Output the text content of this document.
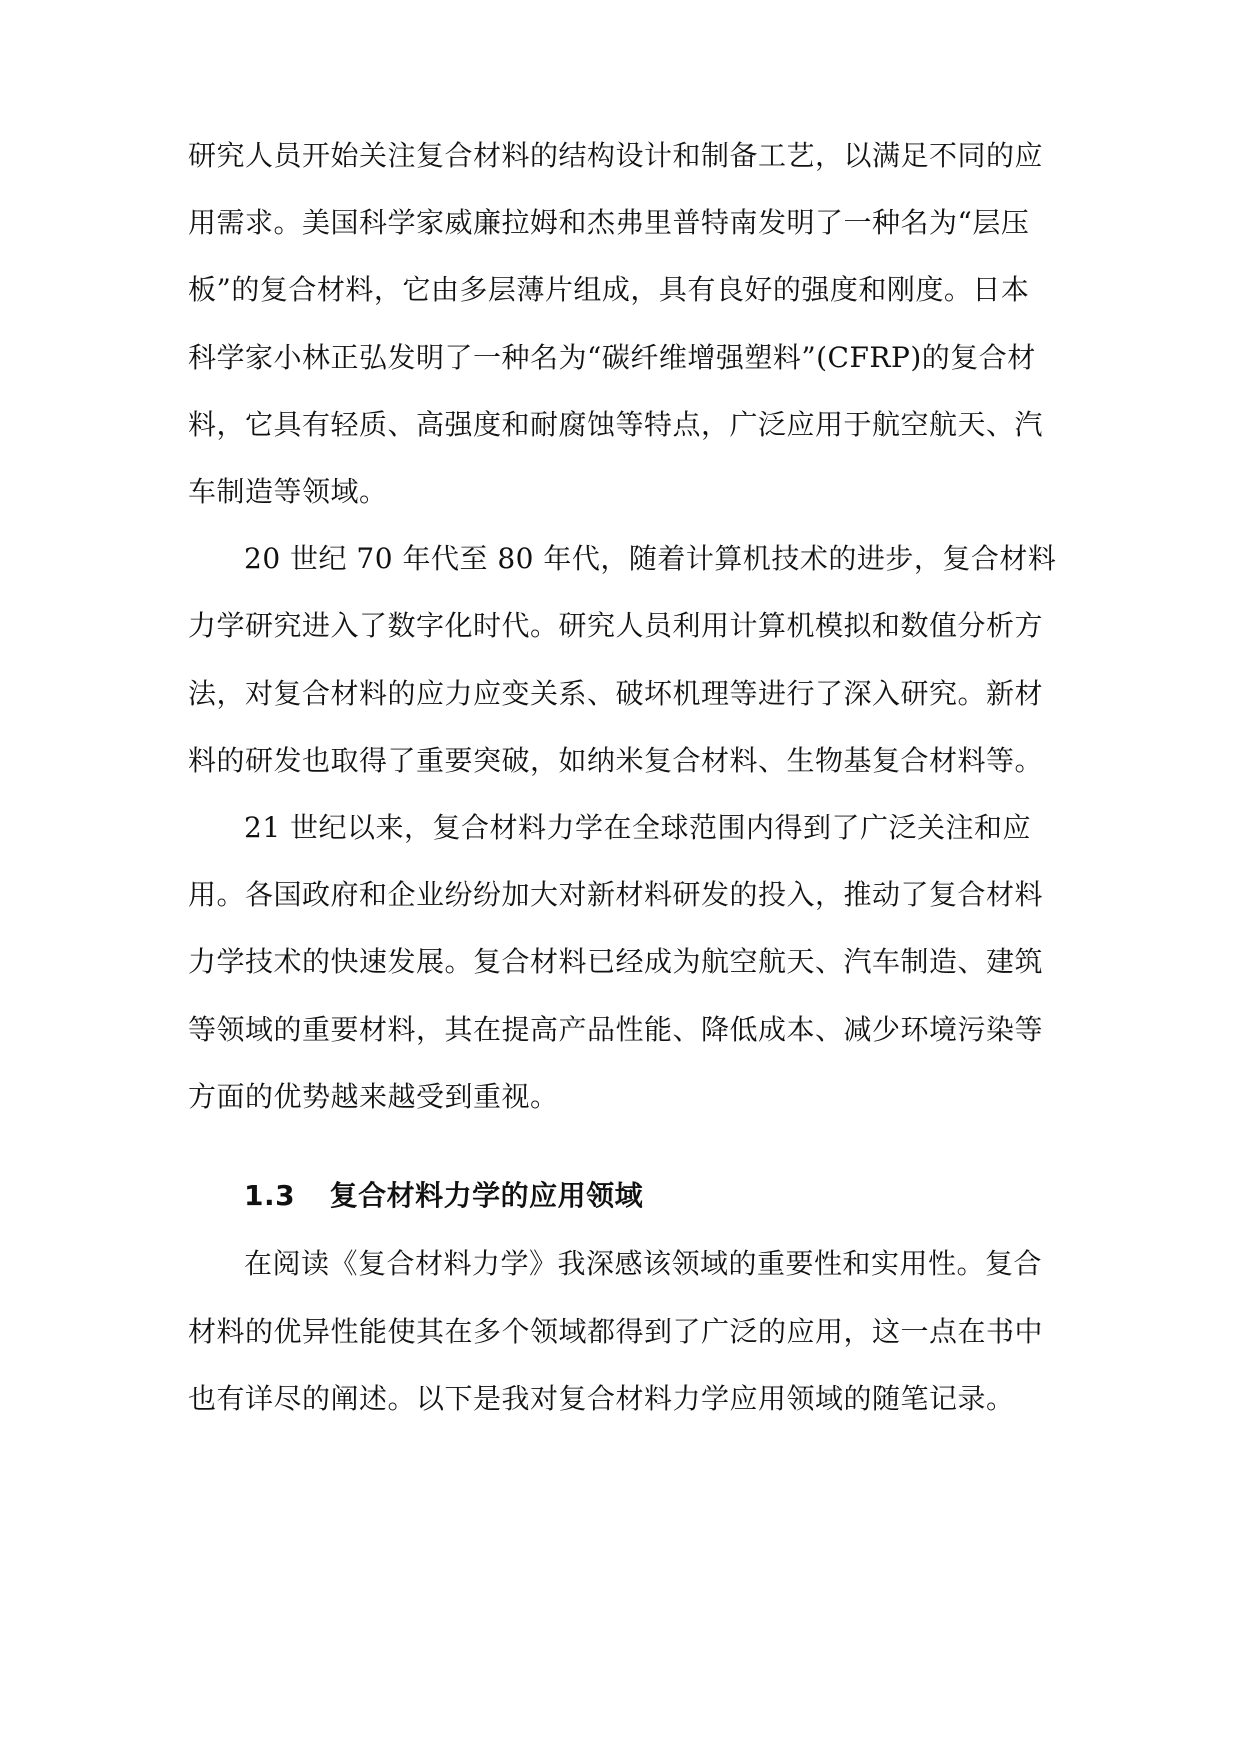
研究人员开始关注复合材料的结构设计和制备工艺，以满足不同的应
用需求。美国科学家威廉拉姆和杰弗里普特南发明了一种名为“层压
板”的复合材料，它由多层薄片组成，具有良好的强度和刚度。日本
科学家小林正弘发明了一种名为“碳纤维增强塑料”(CFRP)的复合材
料，它具有轻质、高强度和耐腐蚀等特点，广泛应用于航空航天、汽
车制造等领域。
20 世纪 70 年代至 80 年代，随着计算机技术的进步，复合材料
力学研究进入了数字化时代。研究人员利用计算机模拟和数值分析方
法，对复合材料的应力应变关系、破坏机理等进行了深入研究。新材
料的研发也取得了重要突破，如纳米复合材料、生物基复合材料等。
21 世纪以来，复合材料力学在全球范围内得到了广泛关注和应
用。各国政府和企业纷纷加大对新材料研发的投入，推动了复合材料
力学技术的快速发展。复合材料已经成为航空航天、汽车制造、建筑
等领域的重要材料，其在提高产品性能、降低成本、减少环境污染等
方面的优势越来越受到重视。
1.3 复合材料力学的应用领域
在阅读《复合材料力学》我深感该领域的重要性和实用性。复合
材料的优异性能使其在多个领域都得到了广泛的应用，这一点在书中
也有详尽的阐述。以下是我对复合材料力学应用领域的随笔记录。
